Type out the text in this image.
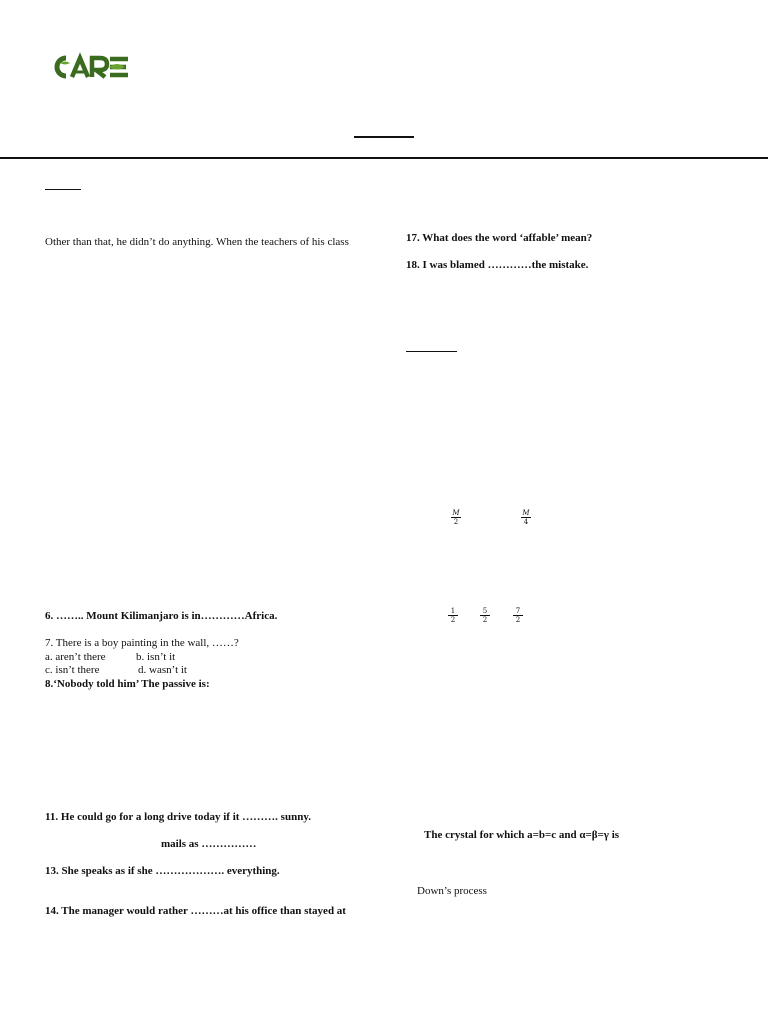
Other than that, he didn’t do anything. When the teachers of his class
6. …….. Mount Kilimanjaro is in…………Africa.
7. There is a boy painting in the wall, ……?
a. aren’t there	b. isn’t it
c. isn’t there	d. wasn’t it
8.‘Nobody told him’ The passive is:
11. He could go for a long drive today if it ………. sunny.
mails as ……………
13. She speaks as if she ………………. everything.
14. The manager would rather ………at his office than stayed at
17. What does the word ‘affable’ mean?
18. I was blamed …………the mistake.
M
2
M
4
1
2
5
2
7
2
The crystal for which a=b=c and α=β=γ is
Down’s process
